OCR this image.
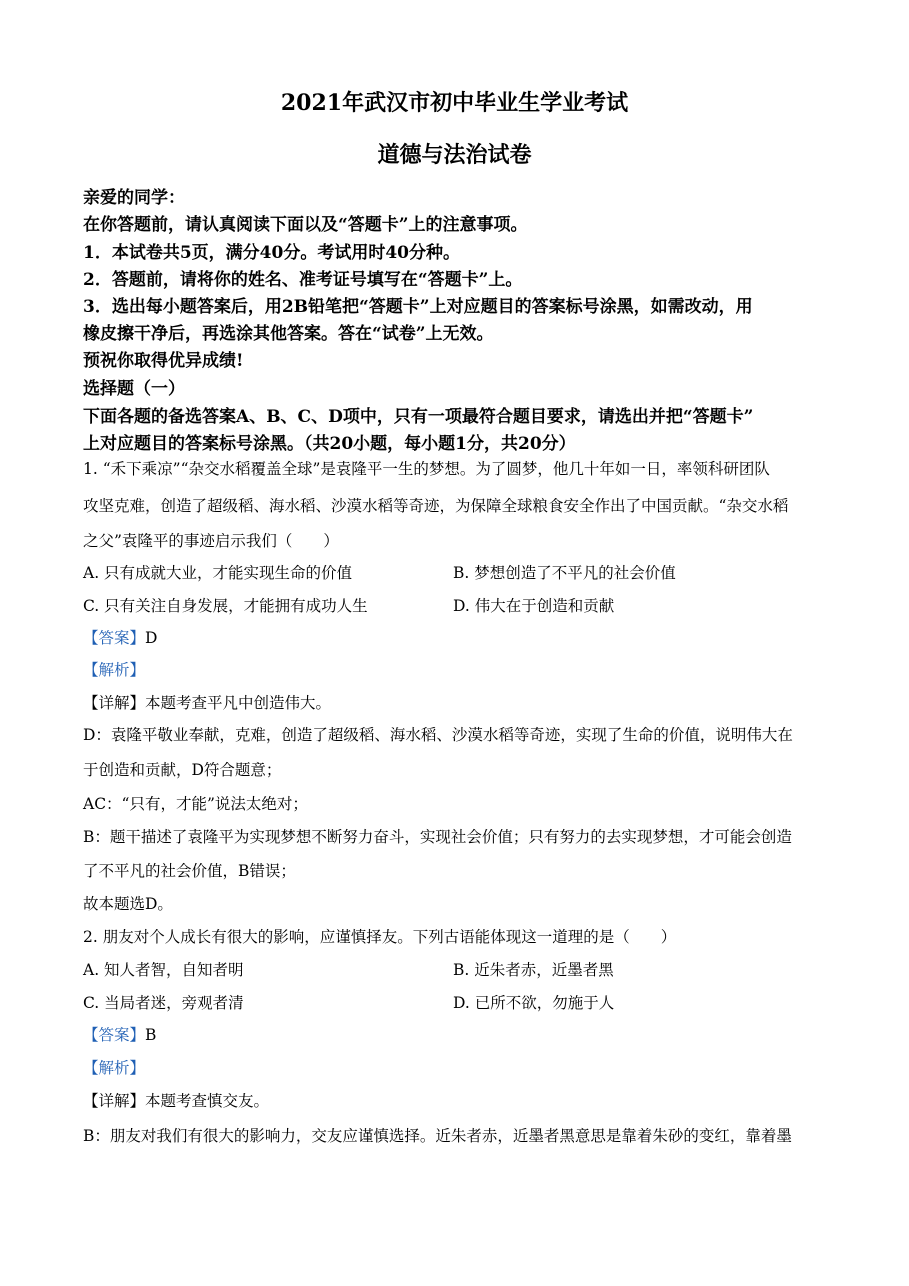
2021年武汉市初中毕业生学业考试
道德与法治试卷
亲爱的同学：
在你答题前，请认真阅读下面以及“答题卡”上的注意事项。
1．本试卷共5页，满分40分。考试用时40分种。
2．答题前，请将你的姓名、准考证号填写在“答题卡”上。
3．选出每小题答案后，用2B铅笔把“答题卡”上对应题目的答案标号涂黑，如需改动，用
橡皮擦干净后，再选涂其他答案。答在“试卷”上无效。
预祝你取得优异成绩!
选择题（一）
下面各题的备选答案A、B、C、D项中，只有一项最符合题目要求，请选出并把“答题卡”
上对应题目的答案标号涂黑。（共20小题，每小题1分，共20分）
1. “禾下乘凉”“杂交水稻覆盖全球”是袁隆平一生的梦想。为了圆梦，他几十年如一日，率领科研团队
攻坚克难，创造了超级稻、海水稻、沙漠水稻等奇迹，为保障全球粮食安全作出了中国贡献。“杂交水稻
之父”袁隆平的事迹启示我们（　　）
A. 只有成就大业，才能实现生命的价值	B. 梦想创造了不平凡的社会价值
C. 只有关注自身发展，才能拥有成功人生	D. 伟大在于创造和贡献
【答案】D
【解析】
【详解】本题考查平凡中创造伟大。
D：袁隆平敬业奉献，克难，创造了超级稻、海水稻、沙漠水稻等奇迹，实现了生命的价值，说明伟大在
于创造和贡献，D符合题意；
AC：“只有，才能”说法太绝对；
B：题干描述了袁隆平为实现梦想不断努力奋斗，实现社会价值；只有努力的去实现梦想，才可能会创造
了不平凡的社会价值，B错误；
故本题选D。
2. 朋友对个人成长有很大的影响，应谨慎择友。下列古语能体现这一道理的是（　　）
A. 知人者智，自知者明	B. 近朱者赤，近墨者黑
C. 当局者迷，旁观者清	D. 已所不欲，勿施于人
【答案】B
【解析】
【详解】本题考查慎交友。
B：朋友对我们有很大的影响力，交友应谨慎选择。近朱者赤，近墨者黑意思是靠着朱砂的变红，靠着墨
